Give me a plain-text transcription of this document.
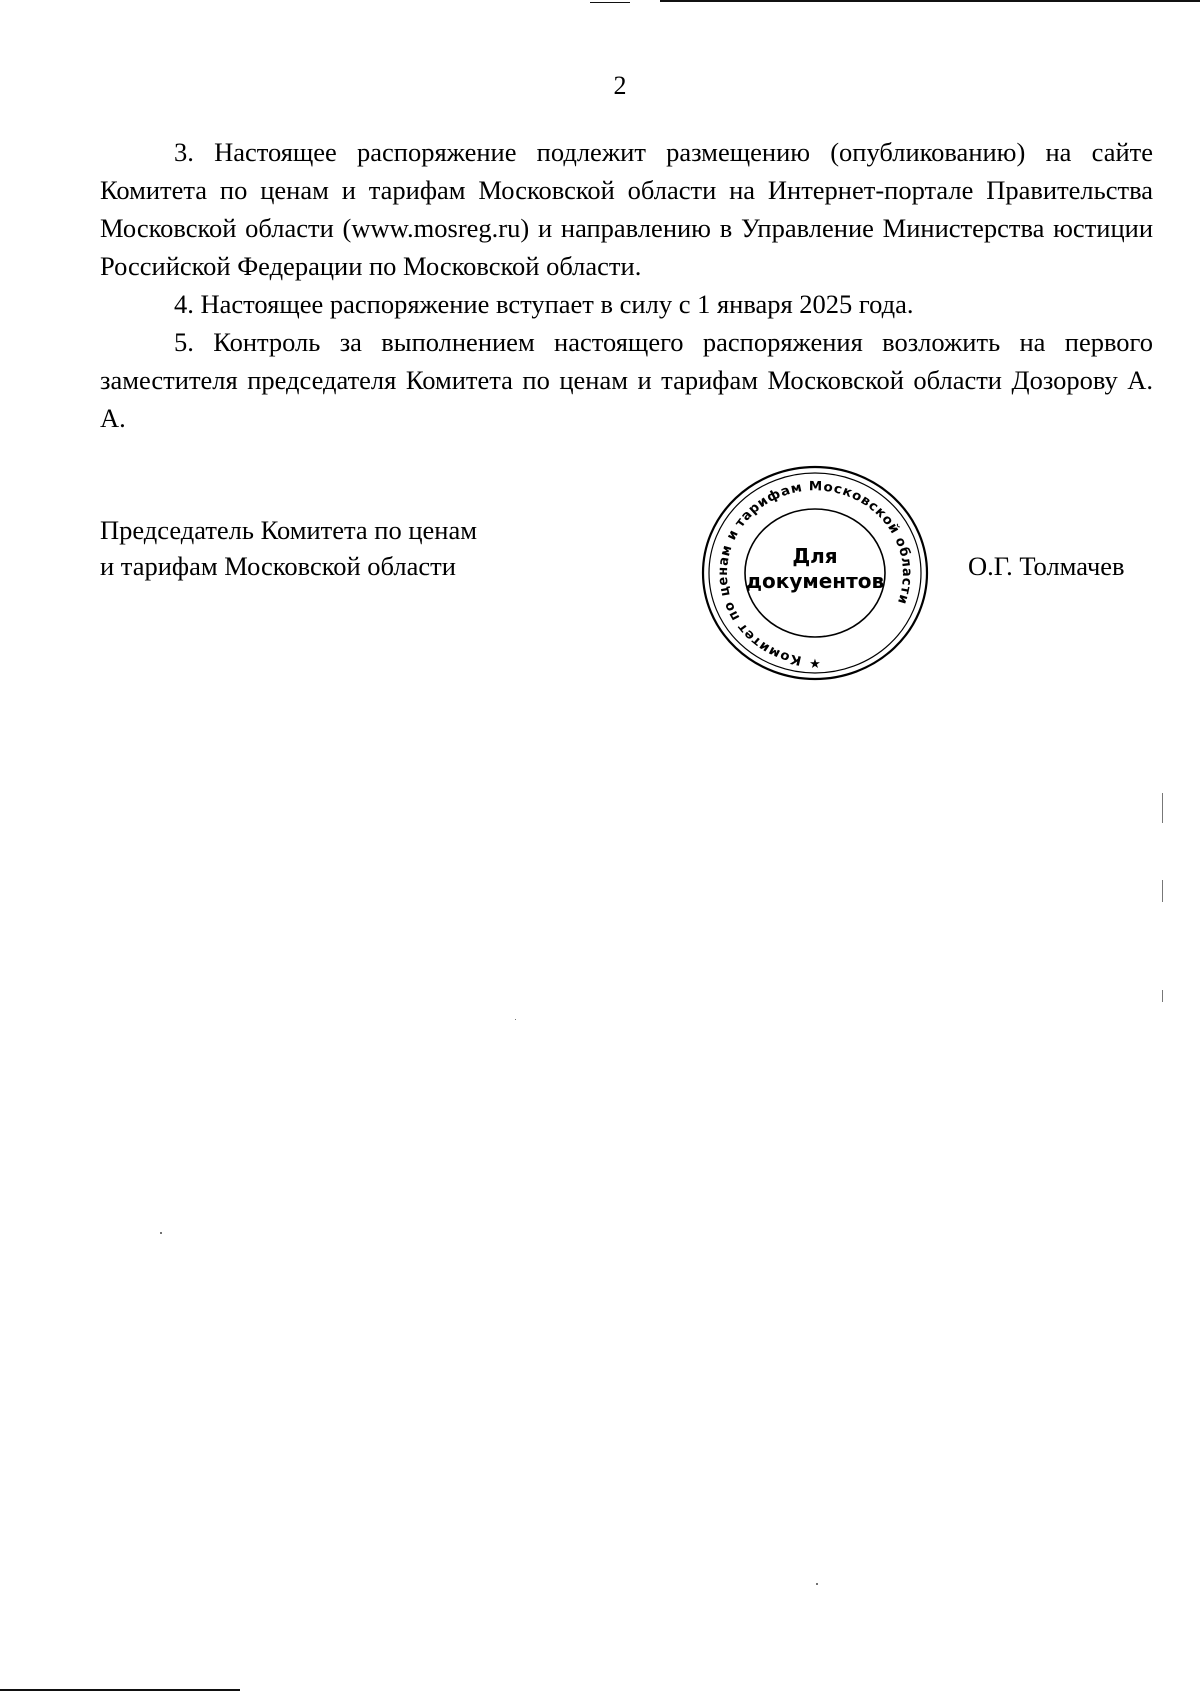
2

3. Настоящее распоряжение подлежит размещению (опубликованию) на сайте Комитета по ценам и тарифам Московской области на Интернет-портале Правительства Московской области (www.mosreg.ru) и направлению в Управление Министерства юстиции Российской Федерации по Московской области.

4. Настоящее распоряжение вступает в силу с 1 января 2025 года.

5. Контроль за выполнением настоящего распоряжения возложить на первого заместителя председателя Комитета по ценам и тарифам Московской области Дозорову А. А.

Председатель Комитета по ценам
и тарифам Московской области
Комитет по ценам и тарифам Московской области
★
Для
документов	О.Г. Толмачев
